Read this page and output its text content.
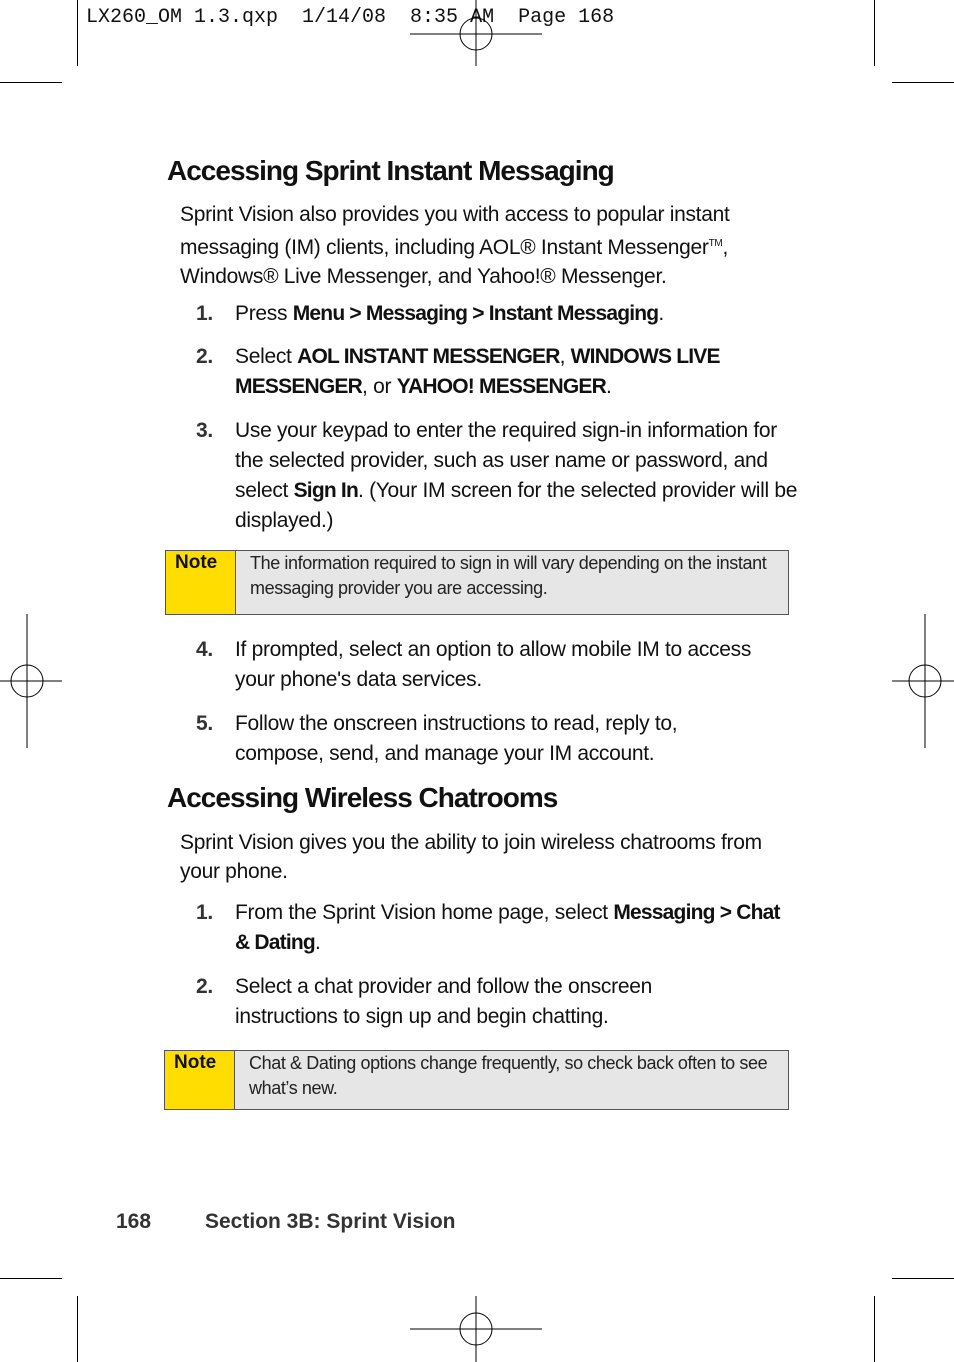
LX260_OM 1.3.qxp  1/14/08  8:35 AM  Page 168
Accessing Sprint Instant Messaging
Sprint Vision also provides you with access to popular instant
messaging (IM) clients, including AOL® Instant Messenger™,
Windows® Live Messenger, and Yahoo!® Messenger.
1. Press Menu > Messaging > Instant Messaging.
2. Select AOL INSTANT MESSENGER, WINDOWS LIVE MESSENGER, or YAHOO! MESSENGER.
3. Use your keypad to enter the required sign-in information for the selected provider, such as user name or password, and select Sign In. (Your IM screen for the selected provider will be displayed.)
Note	The information required to sign in will vary depending on the instant messaging provider you are accessing.
4. If prompted, select an option to allow mobile IM to access your phone's data services.
5. Follow the onscreen instructions to read, reply to, compose, send, and manage your IM account.
Accessing Wireless Chatrooms
Sprint Vision gives you the ability to join wireless chatrooms from your phone.
1. From the Sprint Vision home page, select Messaging > Chat & Dating.
2. Select a chat provider and follow the onscreen instructions to sign up and begin chatting.
Note	Chat & Dating options change frequently, so check back often to see what’s new.
168	Section 3B: Sprint Vision
